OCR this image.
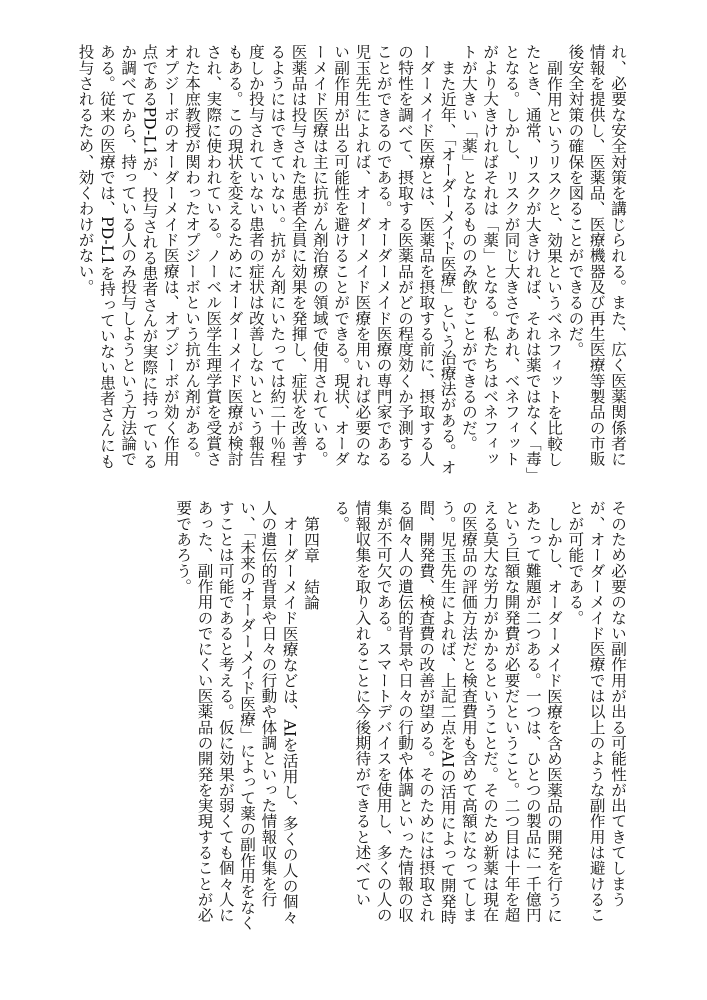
れ、必要な安全対策を講じられる。また、広く医薬関係者に情報を提供し、医薬品、医療機器及び再生医療等製品の市販後安全対策の確保を図ることができるのだ。

副作用というリスクと、効果というベネフィットを比較したとき、通常、リスクが大きければ、それは薬ではなく「毒」となる。しかし、リスクが同じ大きさであれ、ベネフィットがより大きければそれは「薬」となる。私たちはベネフィットが大きい「薬」となるもののみ飲むことができるのだ。

また近年、「オーダーメイド医療」という治療法がある。オーダーメイド医療とは、医薬品を摂取する前に、摂取する人の特性を調べて、摂取する医薬品がどの程度効くか予測することができるのである。オーダーメイド医療の専門家である児玉先生によれば、オーダーメイド医療を用いれば必要のない副作用が出る可能性を避けることができる。現状、オーダーメイド医療は主に抗がん剤治療の領域で使用されている。医薬品は投与された患者全員に効果を発揮し、症状を改善するようにはできていない。抗がん剤にいたっては約二十％程度しか投与されていない患者の症状は改善しないという報告もある。この現状を変えるためにオーダーメイド医療が検討され、実際に使われている。ノーベル医学生理学賞を受賞された本庶教授が関わったオプジーボという抗がん剤がある。オプジーボのオーダーメイド医療は、オプジーボが効く作用点であるPD-L1が、投与される患者さんが実際に持っているか調べてから、持っている人のみ投与しようという方法論である。従来の医療では、PD-L1を持っていない患者さんにも投与されるため、効くわけがない。

そのため必要のない副作用が出る可能性が出てきてしまうが、オーダーメイド医療では以上のような副作用は避けることが可能である。

しかし、オーダーメイド医療を含め医薬品の開発を行うにあたって難題が二つある。一つは、ひとつの製品に一千億円という巨額な開発費が必要だということ。二つ目は十年を超える莫大な労力がかかるということだ。そのため新薬は現在の医療品の評価方法だと検査費用も含めて高額になってしまう。児玉先生によれば、上記二点をAIの活用によって開発時間、開発費、検査費の改善が望める。そのためには摂取される個々人の遺伝的背景や日々の行動や体調といった情報の収集が不可欠である。スマートデバイスを使用し、多くの人の情報収集を取り入れることに今後期待ができると述べている。

第四章　結論

オーダーメイド医療などは、AIを活用し、多くの人の個々人の遺伝的背景や日々の行動や体調といった情報収集を行い、「未来のオーダーメイド医療」によって薬の副作用をなくすことは可能であると考える。仮に効果が弱くても個々人にあった、副作用のでにくい医薬品の開発を実現することが必要であろう。
